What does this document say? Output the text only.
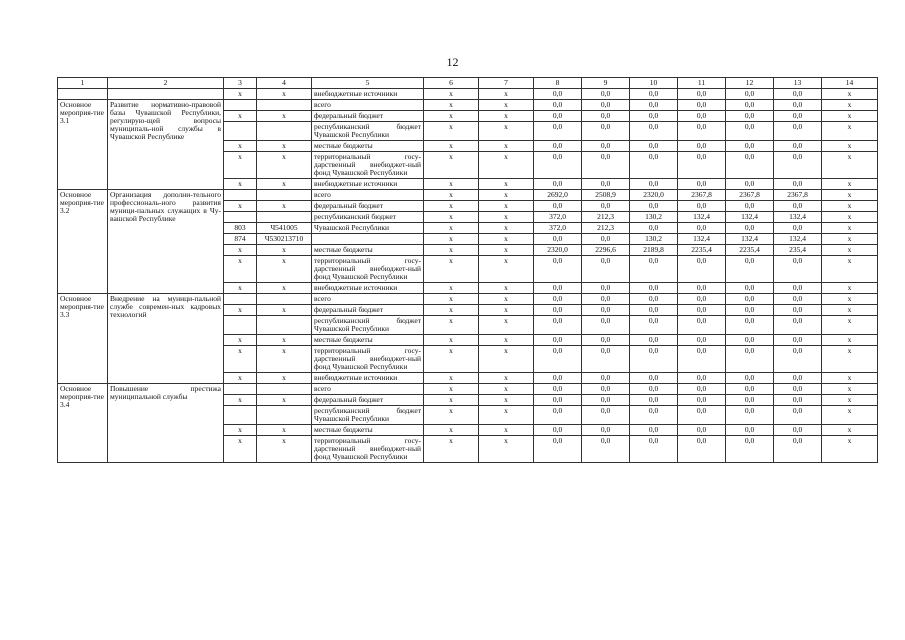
12
1	2	3	4	5	6	7	8	9	10	11	12	13	14
		x	x	внебюджетные источники	x	x	0,0	0,0	0,0	0,0	0,0	0,0	x
Основное мероприя-тие 3.1	Развитие нормативно-правовой базы Чувашской Республики, регулирую-щей вопросы муниципаль-ной службы в Чувашской Республике			всего	x	x	0,0	0,0	0,0	0,0	0,0	0,0	x
		x	x	федеральный бюджет	x	x	0,0	0,0	0,0	0,0	0,0	0,0	x
				республиканский бюджет Чувашской Республики	x	x	0,0	0,0	0,0	0,0	0,0	0,0	x
		x	x	местные бюджеты	x	x	0,0	0,0	0,0	0,0	0,0	0,0	x
		x	x	территориальный госу-дарственный внебюджет-ный фонд Чувашской Республики	x	x	0,0	0,0	0,0	0,0	0,0	0,0	x
		x	x	внебюджетные источники	x	x	0,0	0,0	0,0	0,0	0,0	0,0	x
Основное мероприя-тие 3.2	Организация дополни-тельного профессиональ-ного развития муници-пальных служащих в Чу-вашской Республике			всего	x	x	2692,0	2508,9	2320,0	2367,8	2367,8	2367,8	x
		x	x	федеральный бюджет	x	x	0,0	0,0	0,0	0,0	0,0	0,0	x
				республиканский бюджет	x	x	372,0	212,3	130,2	132,4	132,4	132,4	x
		803	Ч541005	Чувашской Республики	x	x	372,0	212,3	0,0	0,0	0,0	0,0	x
		874	Ч530213710		x	x	0,0	0,0	130,2	132,4	132,4	132,4	x
		x	x	местные бюджеты	x	x	2320,0	2296,6	2189,8	2235,4	2235,4	235,4	x
		x	x	территориальный госу-дарственный внебюджет-ный фонд Чувашской Республики	x	x	0,0	0,0	0,0	0,0	0,0	0,0	x
		x	x	внебюджетные источники	x	x	0,0	0,0	0,0	0,0	0,0	0,0	x
Основное мероприя-тие 3.3	Внедрение на муници-пальной службе современ-ных кадровых технологий			всего	x	x	0,0	0,0	0,0	0,0	0,0	0,0	x
		x	x	федеральный бюджет	x	x	0,0	0,0	0,0	0,0	0,0	0,0	x
				республиканский бюджет Чувашской Республики	x	x	0,0	0,0	0,0	0,0	0,0	0,0	x
		x	x	местные бюджеты	x	x	0,0	0,0	0,0	0,0	0,0	0,0	x
		x	x	территориальный госу-дарственный внебюджет-ный фонд Чувашской Республики	x	x	0,0	0,0	0,0	0,0	0,0	0,0	x
		x	x	внебюджетные источники	x	x	0,0	0,0	0,0	0,0	0,0	0,0	x
Основное мероприя-тие 3.4	Повышение престижа муниципальной службы			всего	x	x	0,0	0,0	0,0	0,0	0,0	0,0	x
		x	x	федеральный бюджет	x	x	0,0	0,0	0,0	0,0	0,0	0,0	x
				республиканский бюджет Чувашской Республики	x	x	0,0	0,0	0,0	0,0	0,0	0,0	x
		x	x	местные бюджеты	x	x	0,0	0,0	0,0	0,0	0,0	0,0	x
		x	x	территориальный госу-дарственный внебюджет-ный фонд Чувашской Республики	x	x	0,0	0,0	0,0	0,0	0,0	0,0	x
